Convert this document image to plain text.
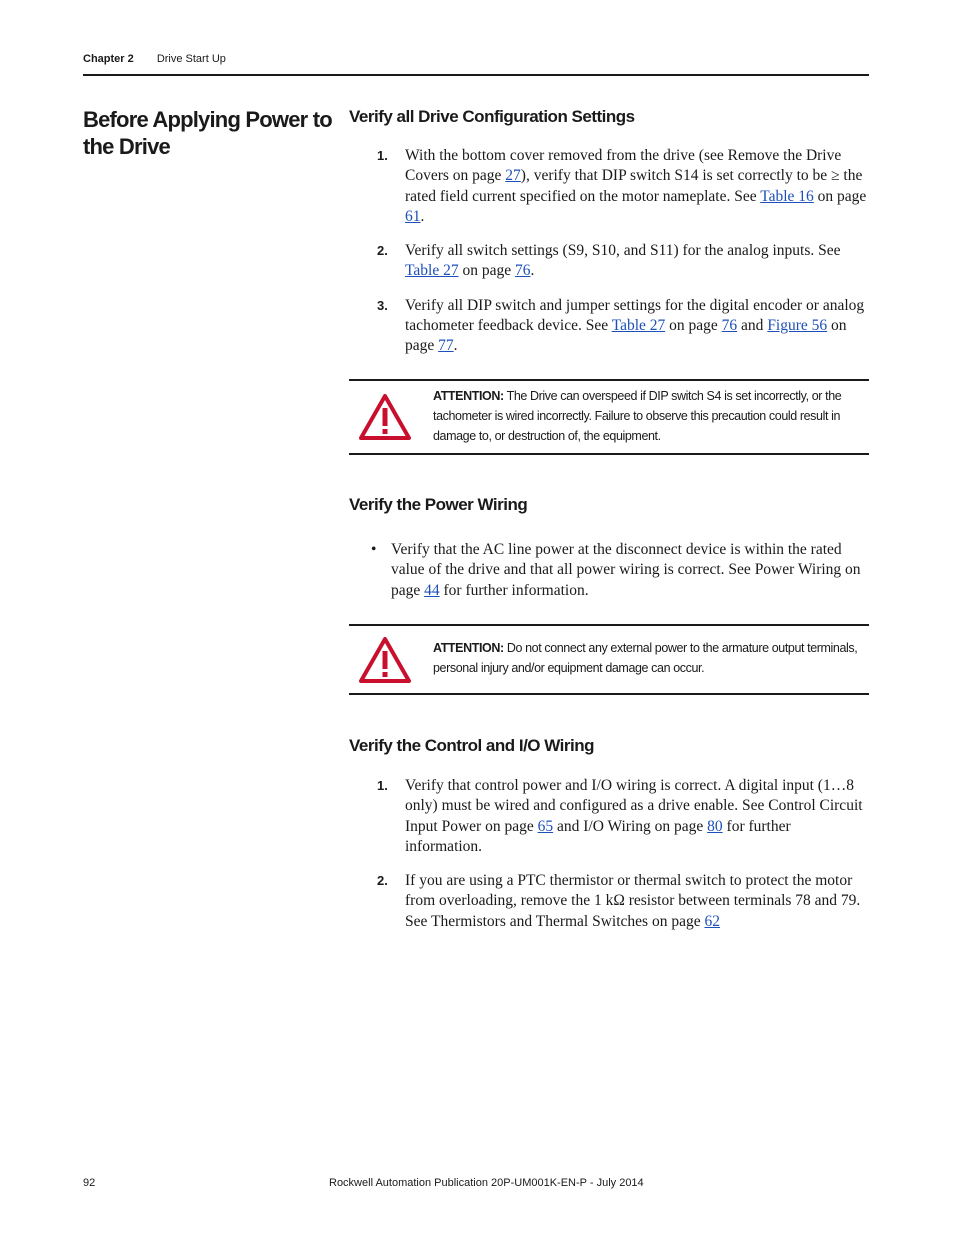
Chapter 2 Drive Start Up
Before Applying Power to the Drive
Verify all Drive Configuration Settings
1. With the bottom cover removed from the drive (see Remove the Drive Covers on page 27), verify that DIP switch S14 is set correctly to be ≥ the rated field current specified on the motor nameplate. See Table 16 on page 61.
2. Verify all switch settings (S9, S10, and S11) for the analog inputs. See Table 27 on page 76.
3. Verify all DIP switch and jumper settings for the digital encoder or analog tachometer feedback device. See Table 27 on page 76 and Figure 56 on page 77.
ATTENTION: The Drive can overspeed if DIP switch S4 is set incorrectly, or the tachometer is wired incorrectly. Failure to observe this precaution could result in damage to, or destruction of, the equipment.
Verify the Power Wiring
• Verify that the AC line power at the disconnect device is within the rated value of the drive and that all power wiring is correct. See Power Wiring on page 44 for further information.
ATTENTION: Do not connect any external power to the armature output terminals, personal injury and/or equipment damage can occur.
Verify the Control and I/O Wiring
1. Verify that control power and I/O wiring is correct. A digital input (1…8 only) must be wired and configured as a drive enable. See Control Circuit Input Power on page 65 and I/O Wiring on page 80 for further information.
2. If you are using a PTC thermistor or thermal switch to protect the motor from overloading, remove the 1 kΩ resistor between terminals 78 and 79. See Thermistors and Thermal Switches on page 62
92	Rockwell Automation Publication 20P-UM001K-EN-P - July 2014
